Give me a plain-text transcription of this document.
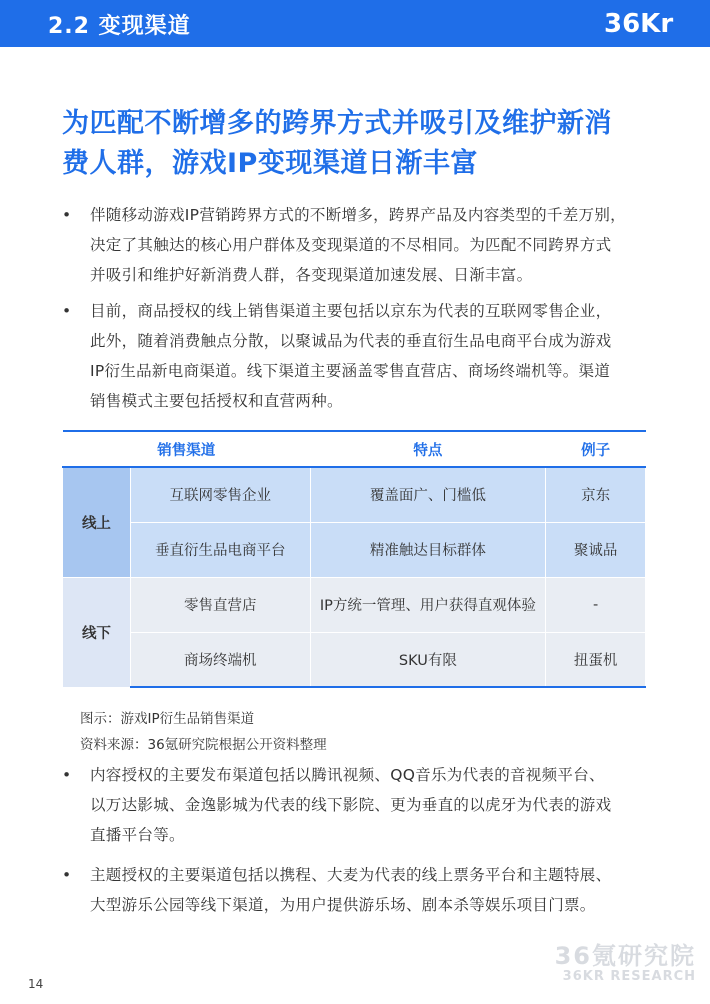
2.2 变现渠道	36Kr
为匹配不断增多的跨界方式并吸引及维护新消
费人群，游戏IP变现渠道日渐丰富
• 伴随移动游戏IP营销跨界方式的不断增多，跨界产品及内容类型的千差万别，
决定了其触达的核心用户群体及变现渠道的不尽相同。为匹配不同跨界方式
并吸引和维护好新消费人群，各变现渠道加速发展、日渐丰富。
• 目前，商品授权的线上销售渠道主要包括以京东为代表的互联网零售企业，
此外，随着消费触点分散，以聚诚品为代表的垂直衍生品电商平台成为游戏
IP衍生品新电商渠道。线下渠道主要涵盖零售直营店、商场终端机等。渠道
销售模式主要包括授权和直营两种。
销售渠道		特点	例子
线上	互联网零售企业	覆盖面广、门槛低	京东
	垂直衍生品电商平台	精准触达目标群体	聚诚品
线下	零售直营店	IP方统一管理、用户获得直观体验	-
	商场终端机	SKU有限	扭蛋机
图示：游戏IP衍生品销售渠道
资料来源：36氪研究院根据公开资料整理
• 内容授权的主要发布渠道包括以腾讯视频、QQ音乐为代表的音视频平台、
以万达影城、金逸影城为代表的线下影院、更为垂直的以虎牙为代表的游戏
直播平台等。
• 主题授权的主要渠道包括以携程、大麦为代表的线上票务平台和主题特展、
大型游乐公园等线下渠道，为用户提供游乐场、剧本杀等娱乐项目门票。
36氪研究院
36KR RESEARCH
14
